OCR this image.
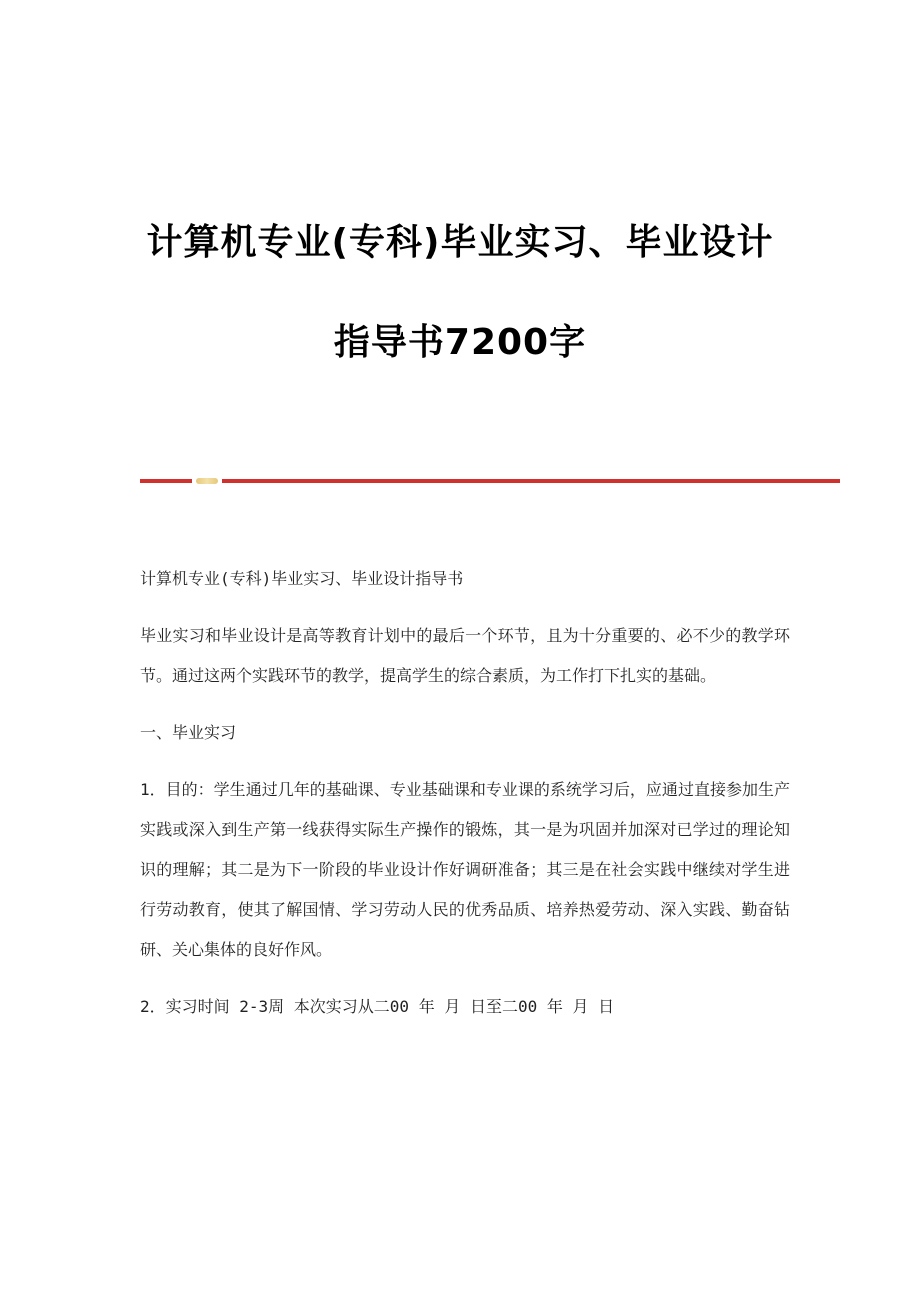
计算机专业(专科)毕业实习、毕业设计
指导书7200字

计算机专业(专科)毕业实习、毕业设计指导书

毕业实习和毕业设计是高等教育计划中的最后一个环节，且为十分重要的、必不少的教学环节。通过这两个实践环节的教学，提高学生的综合素质，为工作打下扎实的基础。

一、毕业实习

1．目的：学生通过几年的基础课、专业基础课和专业课的系统学习后，应通过直接参加生产实践或深入到生产第一线获得实际生产操作的锻炼，其一是为巩固并加深对已学过的理论知识的理解；其二是为下一阶段的毕业设计作好调研准备；其三是在社会实践中继续对学生进行劳动教育，使其了解国情、学习劳动人民的优秀品质、培养热爱劳动、深入实践、勤奋钻研、关心集体的良好作风。

2．实习时间 2-3周 本次实习从二00 年 月 日至二00 年 月 日
